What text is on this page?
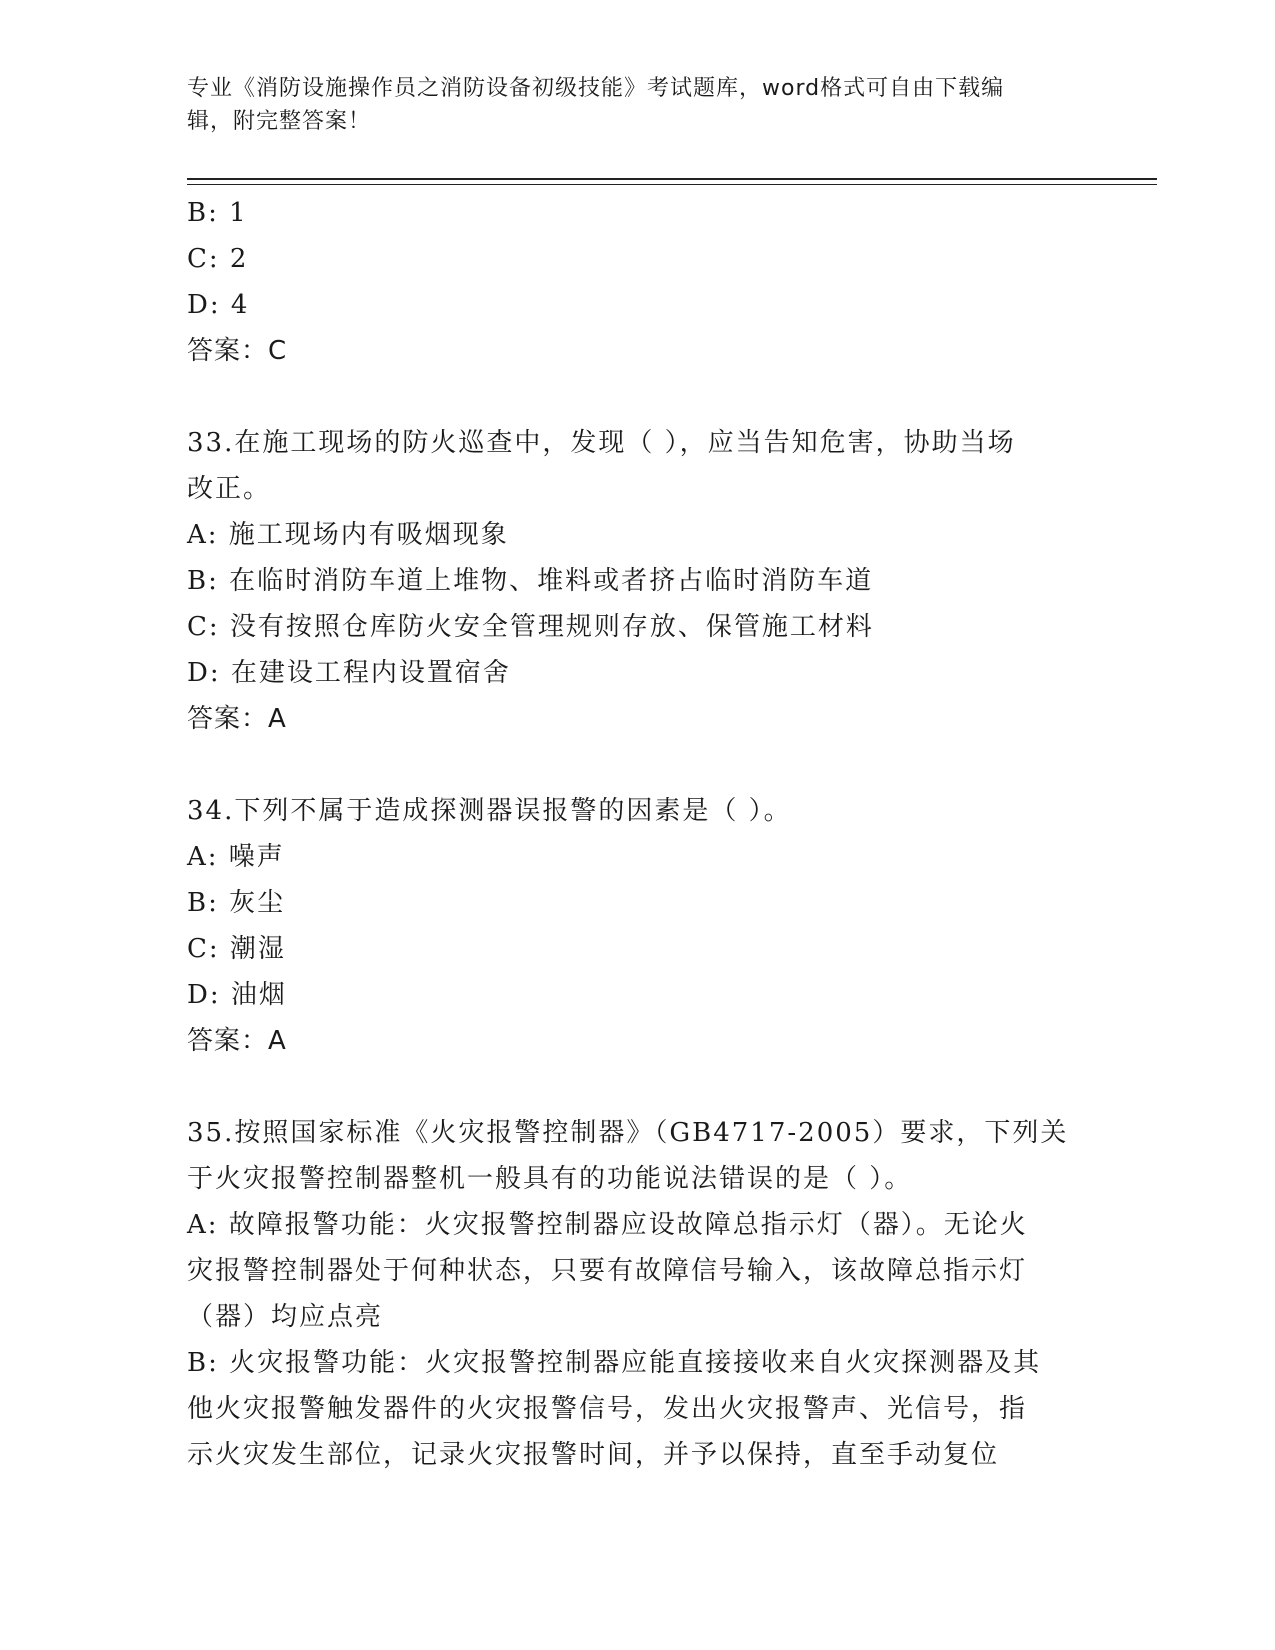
专业《消防设施操作员之消防设备初级技能》考试题库，word格式可自由下载编
辑，附完整答案！
B: 1
C: 2
D: 4
答案：C
33.在施工现场的防火巡查中，发现（ ），应当告知危害，协助当场
改正。
A: 施工现场内有吸烟现象
B: 在临时消防车道上堆物、堆料或者挤占临时消防车道
C: 没有按照仓库防火安全管理规则存放、保管施工材料
D: 在建设工程内设置宿舍
答案：A
34.下列不属于造成探测器误报警的因素是（ ）。
A: 噪声
B: 灰尘
C: 潮湿
D: 油烟
答案：A
35.按照国家标准《火灾报警控制器》（GB4717-2005）要求，下列关
于火灾报警控制器整机一般具有的功能说法错误的是（ ）。
A: 故障报警功能：火灾报警控制器应设故障总指示灯（器）。无论火
灾报警控制器处于何种状态，只要有故障信号输入，该故障总指示灯
（器）均应点亮
B: 火灾报警功能：火灾报警控制器应能直接接收来自火灾探测器及其
他火灾报警触发器件的火灾报警信号，发出火灾报警声、光信号，指
示火灾发生部位，记录火灾报警时间，并予以保持，直至手动复位
